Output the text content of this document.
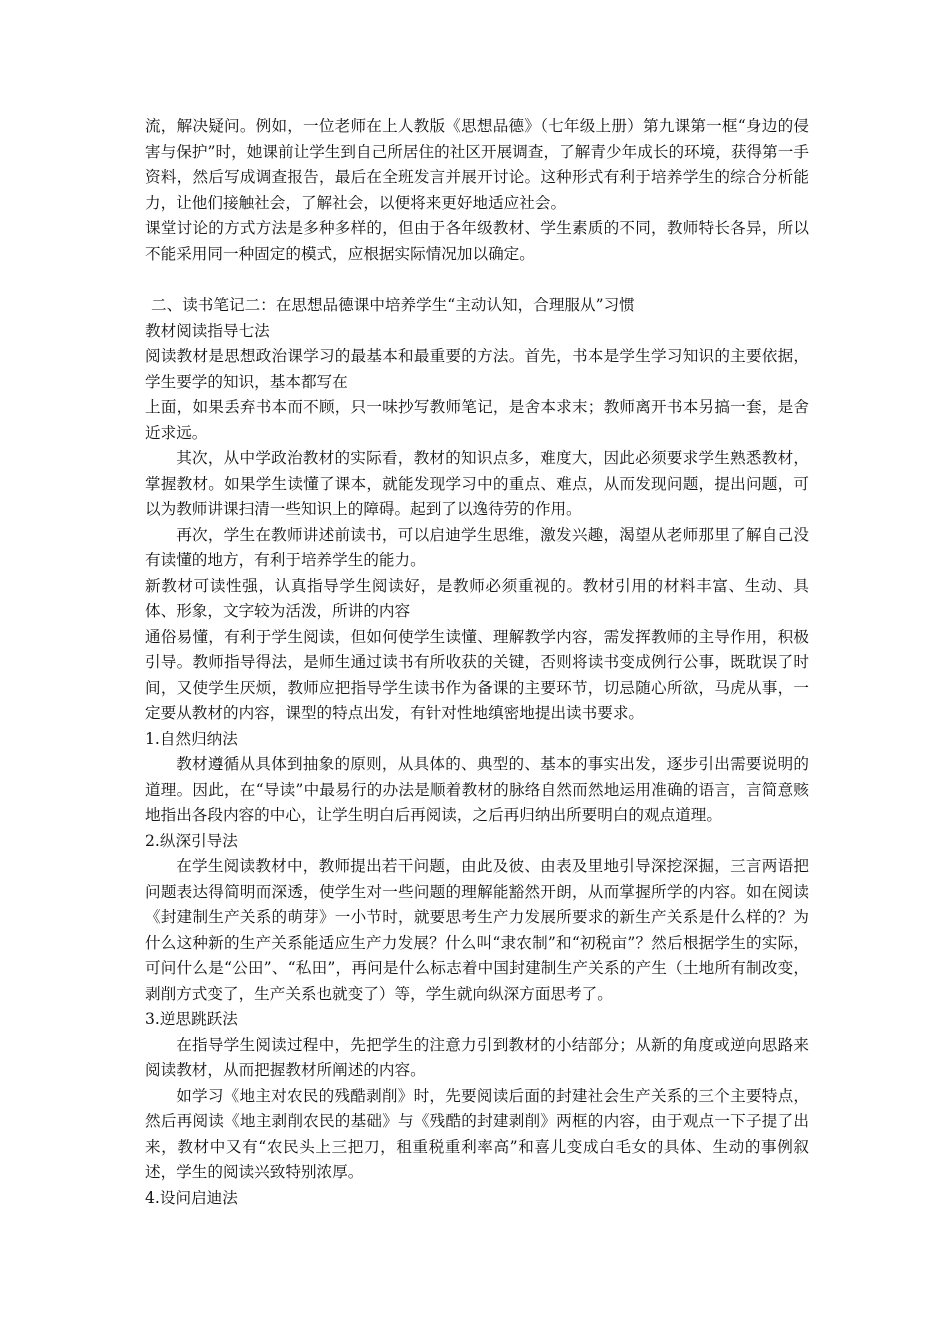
流，解决疑问。例如，一位老师在上人教版《思想品德》（七年级上册）第九课第一框“身边的侵害与保护”时，她课前让学生到自己所居住的社区开展调查，了解青少年成长的环境，获得第一手资料，然后写成调查报告，最后在全班发言并展开讨论。这种形式有利于培养学生的综合分析能力，让他们接触社会，了解社会，以便将来更好地适应社会。

课堂讨论的方式方法是多种多样的，但由于各年级教材、学生素质的不同，教师特长各异，所以不能采用同一种固定的模式，应根据实际情况加以确定。

二、读书笔记二：在思想品德课中培养学生“主动认知，合理服从”习惯

教材阅读指导七法

阅读教材是思想政治课学习的最基本和最重要的方法。首先，书本是学生学习知识的主要依据，学生要学的知识，基本都写在

上面，如果丢弃书本而不顾，只一味抄写教师笔记，是舍本求末；教师离开书本另搞一套，是舍近求远。

其次，从中学政治教材的实际看，教材的知识点多，难度大，因此必须要求学生熟悉教材，掌握教材。如果学生读懂了课本，就能发现学习中的重点、难点，从而发现问题，提出问题，可以为教师讲课扫清一些知识上的障碍。起到了以逸待劳的作用。

再次，学生在教师讲述前读书，可以启迪学生思维，激发兴趣，渴望从老师那里了解自己没有读懂的地方，有利于培养学生的能力。

新教材可读性强，认真指导学生阅读好，是教师必须重视的。教材引用的材料丰富、生动、具体、形象，文字较为活泼，所讲的内容

通俗易懂，有利于学生阅读，但如何使学生读懂、理解教学内容，需发挥教师的主导作用，积极引导。教师指导得法，是师生通过读书有所收获的关键，否则将读书变成例行公事，既耽误了时间，又使学生厌烦，教师应把指导学生读书作为备课的主要环节，切忌随心所欲，马虎从事，一定要从教材的内容，课型的特点出发，有针对性地缜密地提出读书要求。

1.自然归纳法

教材遵循从具体到抽象的原则，从具体的、典型的、基本的事实出发，逐步引出需要说明的道理。因此，在“导读”中最易行的办法是顺着教材的脉络自然而然地运用准确的语言，言简意赅地指出各段内容的中心，让学生明白后再阅读，之后再归纳出所要明白的观点道理。

2.纵深引导法

在学生阅读教材中，教师提出若干问题，由此及彼、由表及里地引导深挖深掘，三言两语把问题表达得简明而深透，使学生对一些问题的理解能豁然开朗，从而掌握所学的内容。如在阅读《封建制生产关系的萌芽》一小节时，就要思考生产力发展所要求的新生产关系是什么样的？为什么这种新的生产关系能适应生产力发展？什么叫“隶农制”和“初税亩”？然后根据学生的实际，可问什么是“公田”、“私田”，再问是什么标志着中国封建制生产关系的产生（土地所有制改变，剥削方式变了，生产关系也就变了）等，学生就向纵深方面思考了。

3.逆思跳跃法

在指导学生阅读过程中，先把学生的注意力引到教材的小结部分；从新的角度或逆向思路来阅读教材，从而把握教材所阐述的内容。

如学习《地主对农民的残酷剥削》时，先要阅读后面的封建社会生产关系的三个主要特点，然后再阅读《地主剥削农民的基础》与《残酷的封建剥削》两框的内容，由于观点一下子提了出来，教材中又有“农民头上三把刀，租重税重利率高”和喜儿变成白毛女的具体、生动的事例叙述，学生的阅读兴致特别浓厚。

4.设问启迪法
